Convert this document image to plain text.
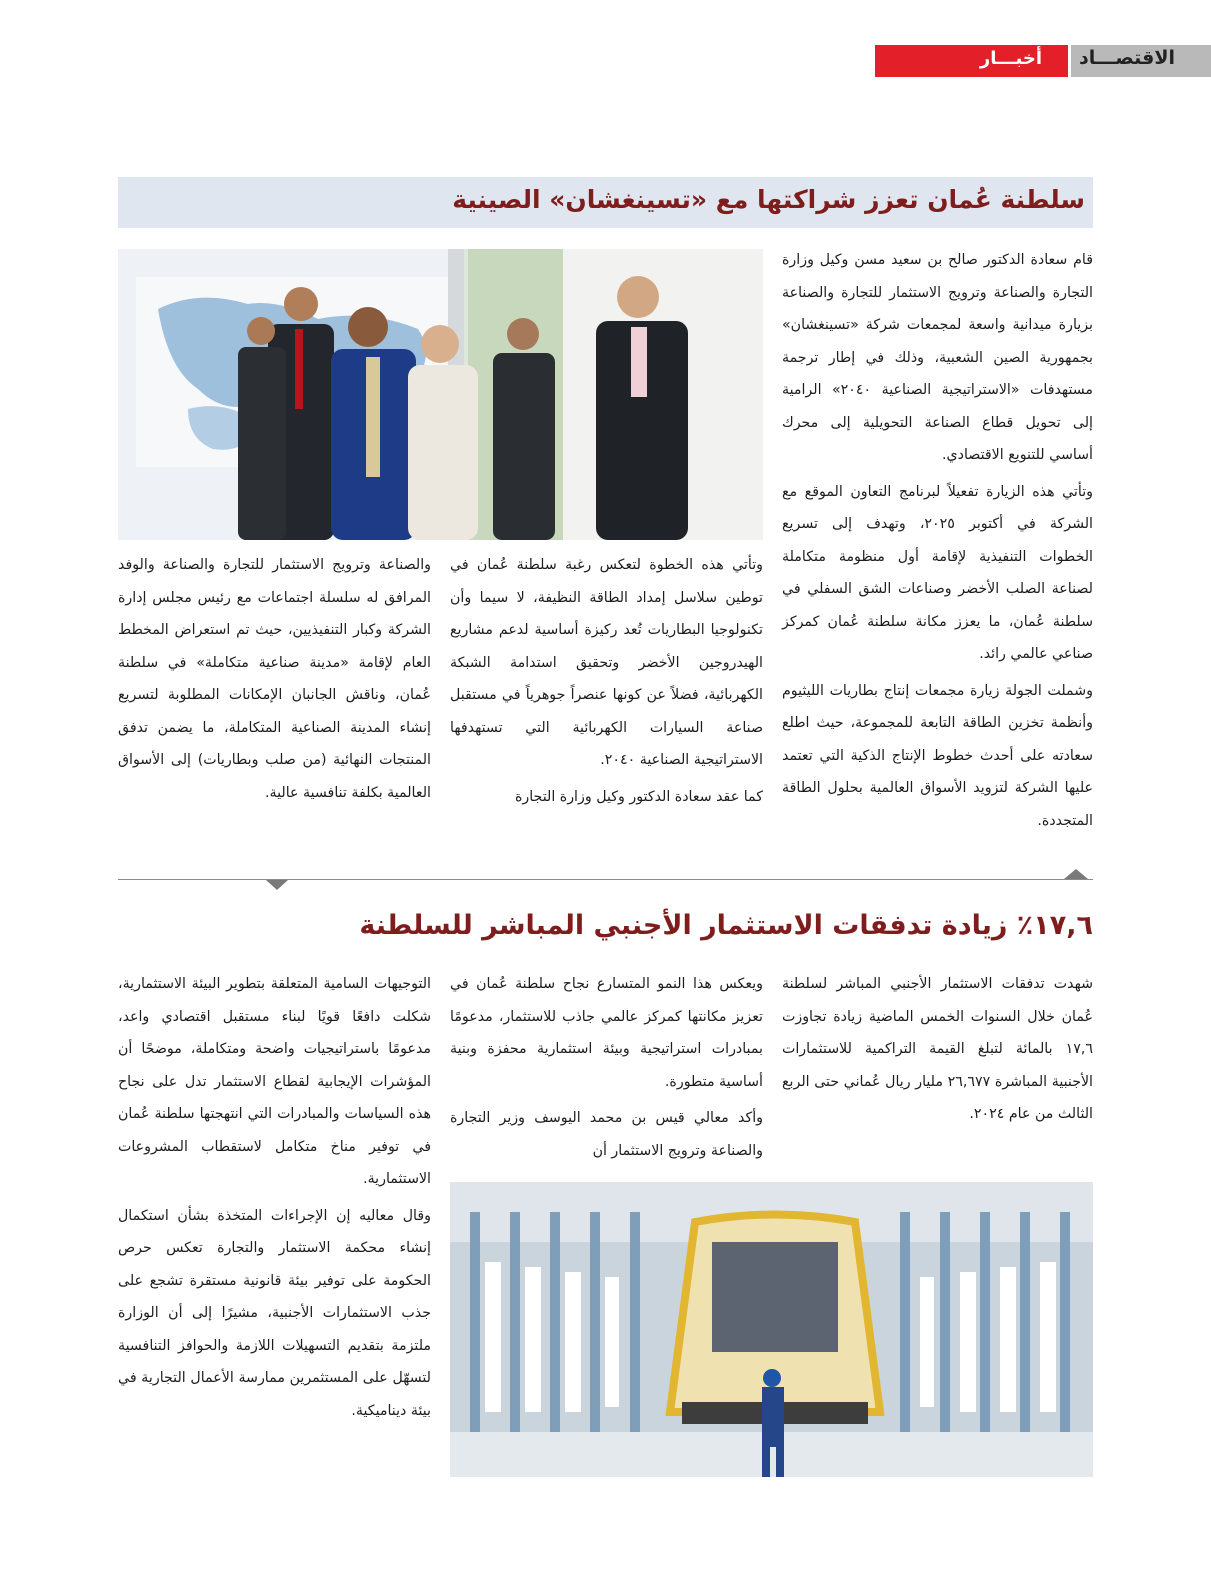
أخبـــار الاقتصـــاد
سلطنة عُمان تعزز شراكتها مع «تسينغشان» الصينية

قام سعادة الدكتور صالح بن سعيد مسن وكيل وزارة التجارة والصناعة وترويج الاستثمار للتجارة والصناعة بزيارة ميدانية واسعة لمجمعات شركة «تسينغشان» بجمهورية الصين الشعبية، وذلك في إطار ترجمة مستهدفات «الاستراتيجية الصناعية ٢٠٤٠» الرامية إلى تحويل قطاع الصناعة التحويلية إلى محرك أساسي للتنويع الاقتصادي.

وتأتي هذه الزيارة تفعيلاً لبرنامج التعاون الموقع مع الشركة في أكتوبر ٢٠٢٥، وتهدف إلى تسريع الخطوات التنفيذية لإقامة أول منظومة متكاملة لصناعة الصلب الأخضر وصناعات الشق السفلي في سلطنة عُمان، ما يعزز مكانة سلطنة عُمان كمركز صناعي عالمي رائد.

وشملت الجولة زيارة مجمعات إنتاج بطاريات الليثيوم وأنظمة تخزين الطاقة التابعة للمجموعة، حيث اطلع سعادته على أحدث خطوط الإنتاج الذكية التي تعتمد عليها الشركة لتزويد الأسواق العالمية بحلول الطاقة المتجددة.

وتأتي هذه الخطوة لتعكس رغبة سلطنة عُمان في توطين سلاسل إمداد الطاقة النظيفة، لا سيما وأن تكنولوجيا البطاريات تُعد ركيزة أساسية لدعم مشاريع الهيدروجين الأخضر وتحقيق استدامة الشبكة الكهربائية، فضلاً عن كونها عنصراً جوهرياً في مستقبل صناعة السيارات الكهربائية التي تستهدفها الاستراتيجية الصناعية ٢٠٤٠.

كما عقد سعادة الدكتور وكيل وزارة التجارة

والصناعة وترويج الاستثمار للتجارة والصناعة والوفد المرافق له سلسلة اجتماعات مع رئيس مجلس إدارة الشركة وكبار التنفيذيين، حيث تم استعراض المخطط العام لإقامة «مدينة صناعية متكاملة» في سلطنة عُمان، وناقش الجانبان الإمكانات المطلوبة لتسريع إنشاء المدينة الصناعية المتكاملة، ما يضمن تدفق المنتجات النهائية (من صلب وبطاريات) إلى الأسواق العالمية بكلفة تنافسية عالية.

١٧,٦٪ زيادة تدفقات الاستثمار الأجنبي المباشر للسلطنة

شهدت تدفقات الاستثمار الأجنبي المباشر لسلطنة عُمان خلال السنوات الخمس الماضية زيادة تجاوزت ١٧,٦ بالمائة لتبلغ القيمة التراكمية للاستثمارات الأجنبية المباشرة ٢٦,٦٧٧ مليار ريال عُماني حتى الربع الثالث من عام ٢٠٢٤.

ويعكس هذا النمو المتسارع نجاح سلطنة عُمان في تعزيز مكانتها كمركز عالمي جاذب للاستثمار، مدعومًا بمبادرات استراتيجية وبيئة استثمارية محفزة وبنية أساسية متطورة.

وأكد معالي قيس بن محمد اليوسف وزير التجارة والصناعة وترويج الاستثمار أن

التوجيهات السامية المتعلقة بتطوير البيئة الاستثمارية، شكلت دافعًا قويًا لبناء مستقبل اقتصادي واعد، مدعومًا باستراتيجيات واضحة ومتكاملة، موضحًا أن المؤشرات الإيجابية لقطاع الاستثمار تدل على نجاح هذه السياسات والمبادرات التي انتهجتها سلطنة عُمان في توفير مناخ متكامل لاستقطاب المشروعات الاستثمارية.

وقال معاليه إن الإجراءات المتخذة بشأن استكمال إنشاء محكمة الاستثمار والتجارة تعكس حرص الحكومة على توفير بيئة قانونية مستقرة تشجع على جذب الاستثمارات الأجنبية، مشيرًا إلى أن الوزارة ملتزمة بتقديم التسهيلات اللازمة والحوافز التنافسية لتسهّل على المستثمرين ممارسة الأعمال التجارية في بيئة ديناميكية.
